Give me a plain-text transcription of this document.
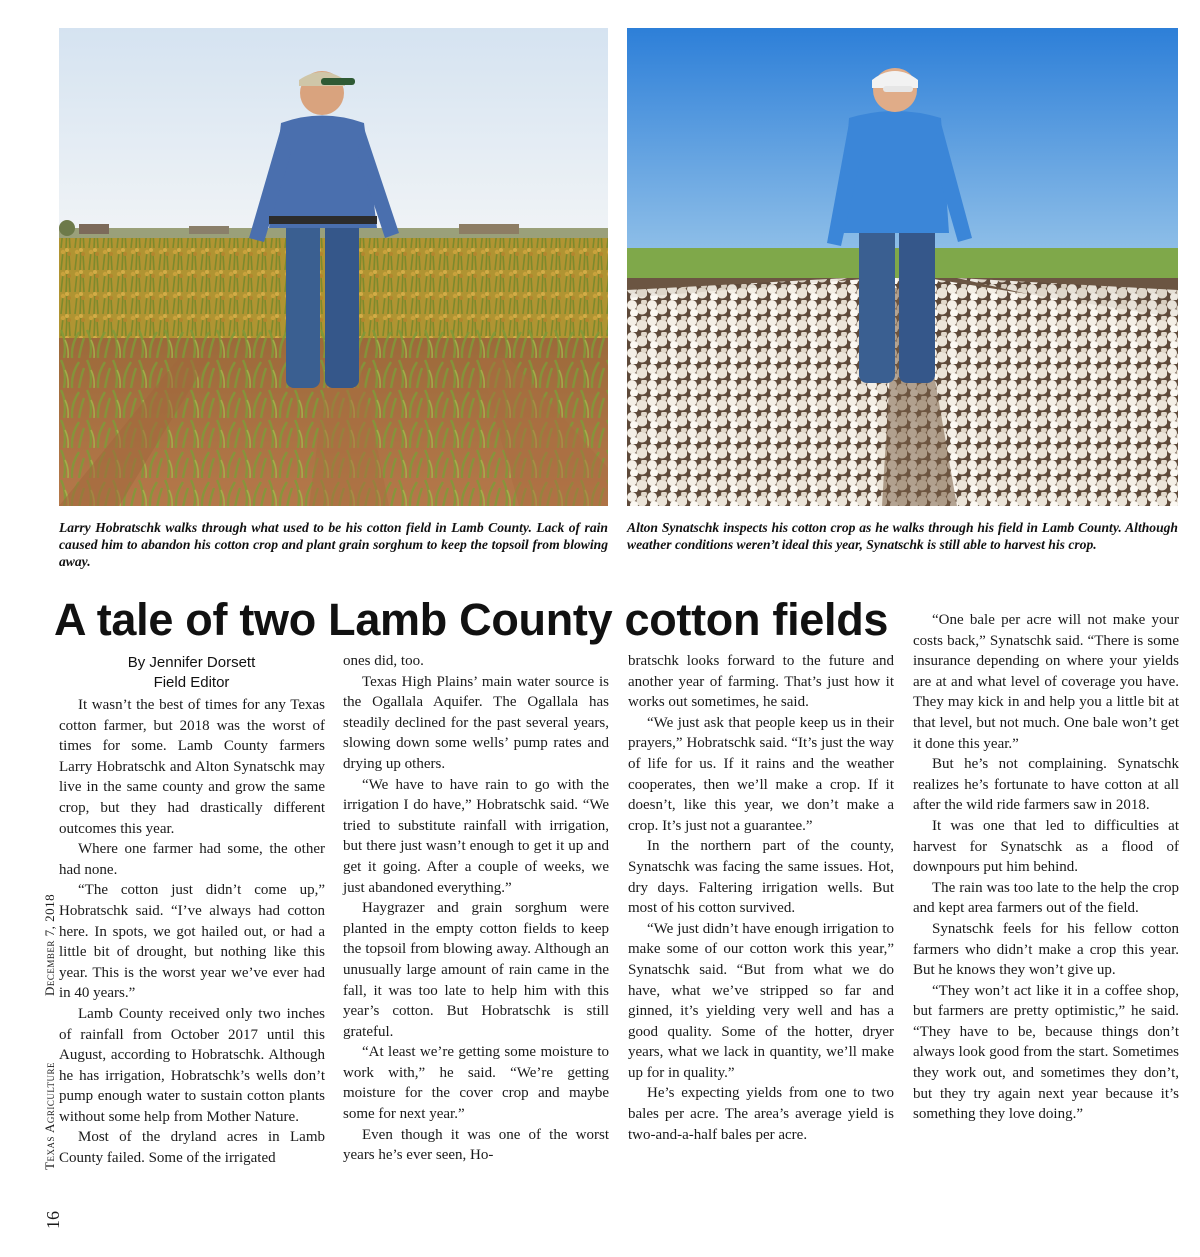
Larry Hobratschk walks through what used to be his cotton field in Lamb County. Lack of rain caused him to abandon his cotton crop and plant grain sorghum to keep the topsoil from blowing away.
Alton Synatschk inspects his cotton crop as he walks through his field in Lamb County. Although weather conditions weren’t ideal this year, Synatschk is still able to harvest his crop.
A tale of two Lamb County cotton fields
By Jennifer Dorsett
Field Editor

It wasn’t the best of times for any Texas cotton farmer, but 2018 was the worst of times for some. Lamb County farmers Larry Hobratschk and Alton Synatschk may live in the same county and grow the same crop, but they had drastically different outcomes this year.

Where one farmer had some, the other had none.

“The cotton just didn’t come up,” Hobratschk said. “I’ve always had cotton here. In spots, we got hailed out, or had a little bit of drought, but nothing like this year. This is the worst year we’ve ever had in 40 years.”

Lamb County received only two inches of rainfall from October 2017 until this August, according to Hobratschk. Although he has irrigation, Hobratschk’s wells don’t pump enough water to sustain cotton plants without some help from Mother Nature.

Most of the dryland acres in Lamb County failed. Some of the irrigated

ones did, too.

Texas High Plains’ main water source is the Ogallala Aquifer. The Ogallala has steadily declined for the past several years, slowing down some wells’ pump rates and drying up others.

“We have to have rain to go with the irrigation I do have,” Hobratschk said. “We tried to substitute rainfall with irrigation, but there just wasn’t enough to get it up and get it going. After a couple of weeks, we just abandoned everything.”

Haygrazer and grain sorghum were planted in the empty cotton fields to keep the topsoil from blowing away. Although an unusually large amount of rain came in the fall, it was too late to help him with this year’s cotton. But Hobratschk is still grateful.

“At least we’re getting some moisture to work with,” he said. “We’re getting moisture for the cover crop and maybe some for next year.”

Even though it was one of the worst years he’s ever seen, Ho-

bratschk looks forward to the future and another year of farming. That’s just how it works out sometimes, he said.

“We just ask that people keep us in their prayers,” Hobratschk said. “It’s just the way of life for us. If it rains and the weather cooperates, then we’ll make a crop. If it doesn’t, like this year, we don’t make a crop. It’s just not a guarantee.”

In the northern part of the county, Synatschk was facing the same issues. Hot, dry days. Faltering irrigation wells. But most of his cotton survived.

“We just didn’t have enough irrigation to make some of our cotton work this year,” Synatschk said. “But from what we do have, what we’ve stripped so far and ginned, it’s yielding very well and has a good quality. Some of the hotter, dryer years, what we lack in quantity, we’ll make up for in quality.”

He’s expecting yields from one to two bales per acre. The area’s average yield is two-and-a-half bales per acre.

“One bale per acre will not make your costs back,” Synatschk said. “There is some insurance depending on where your yields are at and what level of coverage you have. They may kick in and help you a little bit at that level, but not much. One bale won’t get it done this year.”

But he’s not complaining. Synatschk realizes he’s fortunate to have cotton at all after the wild ride farmers saw in 2018.

It was one that led to difficulties at harvest for Synatschk as a flood of downpours put him behind.

The rain was too late to the help the crop and kept area farmers out of the field.

Synatschk feels for his fellow cotton farmers who didn’t make a crop this year. But he knows they won’t give up.

“They won’t act like it in a coffee shop, but farmers are pretty optimistic,” he said. “They have to be, because things don’t always look good from the start. Sometimes they work out, and sometimes they don’t, but they try again next year because it’s something they love doing.”

December 7, 2018
Texas Agriculture
16
